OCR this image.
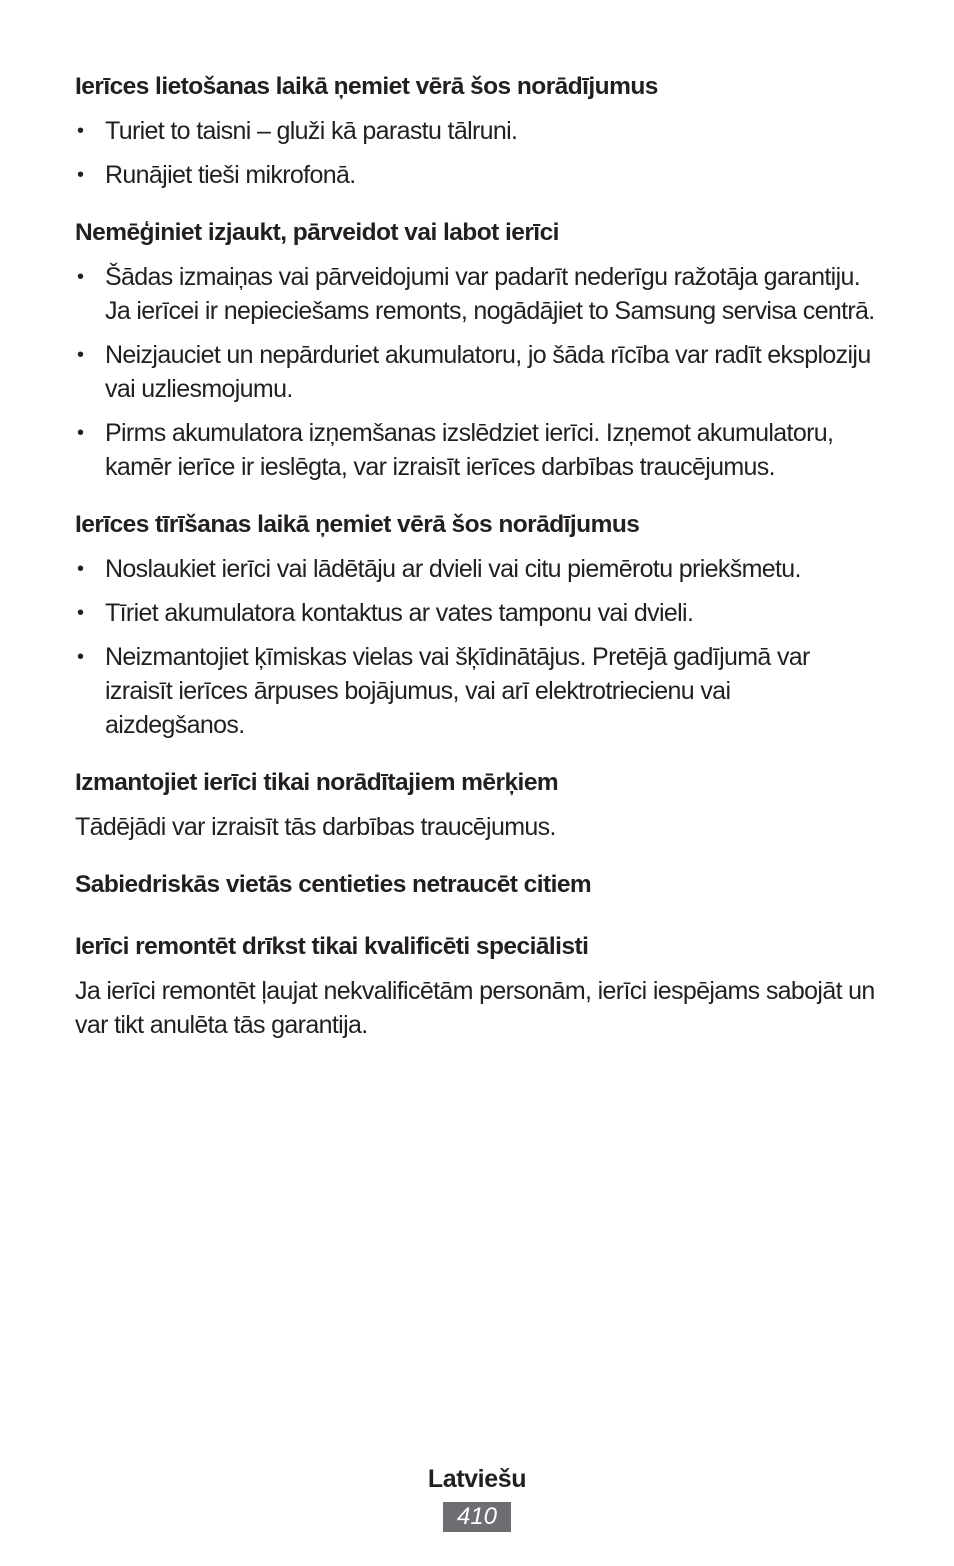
Ierīces lietošanas laikā ņemiet vērā šos norādījumus
• Turiet to taisni – gluži kā parastu tālruni.
• Runājiet tieši mikrofonā.
Nemēģiniet izjaukt, pārveidot vai labot ierīci
• Šādas izmaiņas vai pārveidojumi var padarīt nederīgu ražotāja garantiju. Ja ierīcei ir nepieciešams remonts, nogādājiet to Samsung servisa centrā.
• Neizjauciet un nepārduriet akumulatoru, jo šāda rīcība var radīt eksploziju vai uzliesmojumu.
• Pirms akumulatora izņemšanas izslēdziet ierīci. Izņemot akumulatoru, kamēr ierīce ir ieslēgta, var izraisīt ierīces darbības traucējumus.
Ierīces tīrīšanas laikā ņemiet vērā šos norādījumus
• Noslaukiet ierīci vai lādētāju ar dvieli vai citu piemērotu priekšmetu.
• Tīriet akumulatora kontaktus ar vates tamponu vai dvieli.
• Neizmantojiet ķīmiskas vielas vai šķīdinātājus. Pretējā gadījumā var izraisīt ierīces ārpuses bojājumus, vai arī elektrotriecienu vai aizdegšanos.
Izmantojiet ierīci tikai norādītajiem mērķiem

Tādējādi var izraisīt tās darbības traucējumus.

Sabiedriskās vietās centieties netraucēt citiem
Ierīci remontēt drīkst tikai kvalificēti speciālisti

Ja ierīci remontēt ļaujat nekvalificētām personām, ierīci iespējams sabojāt un var tikt anulēta tās garantija.

Latviešu
410
